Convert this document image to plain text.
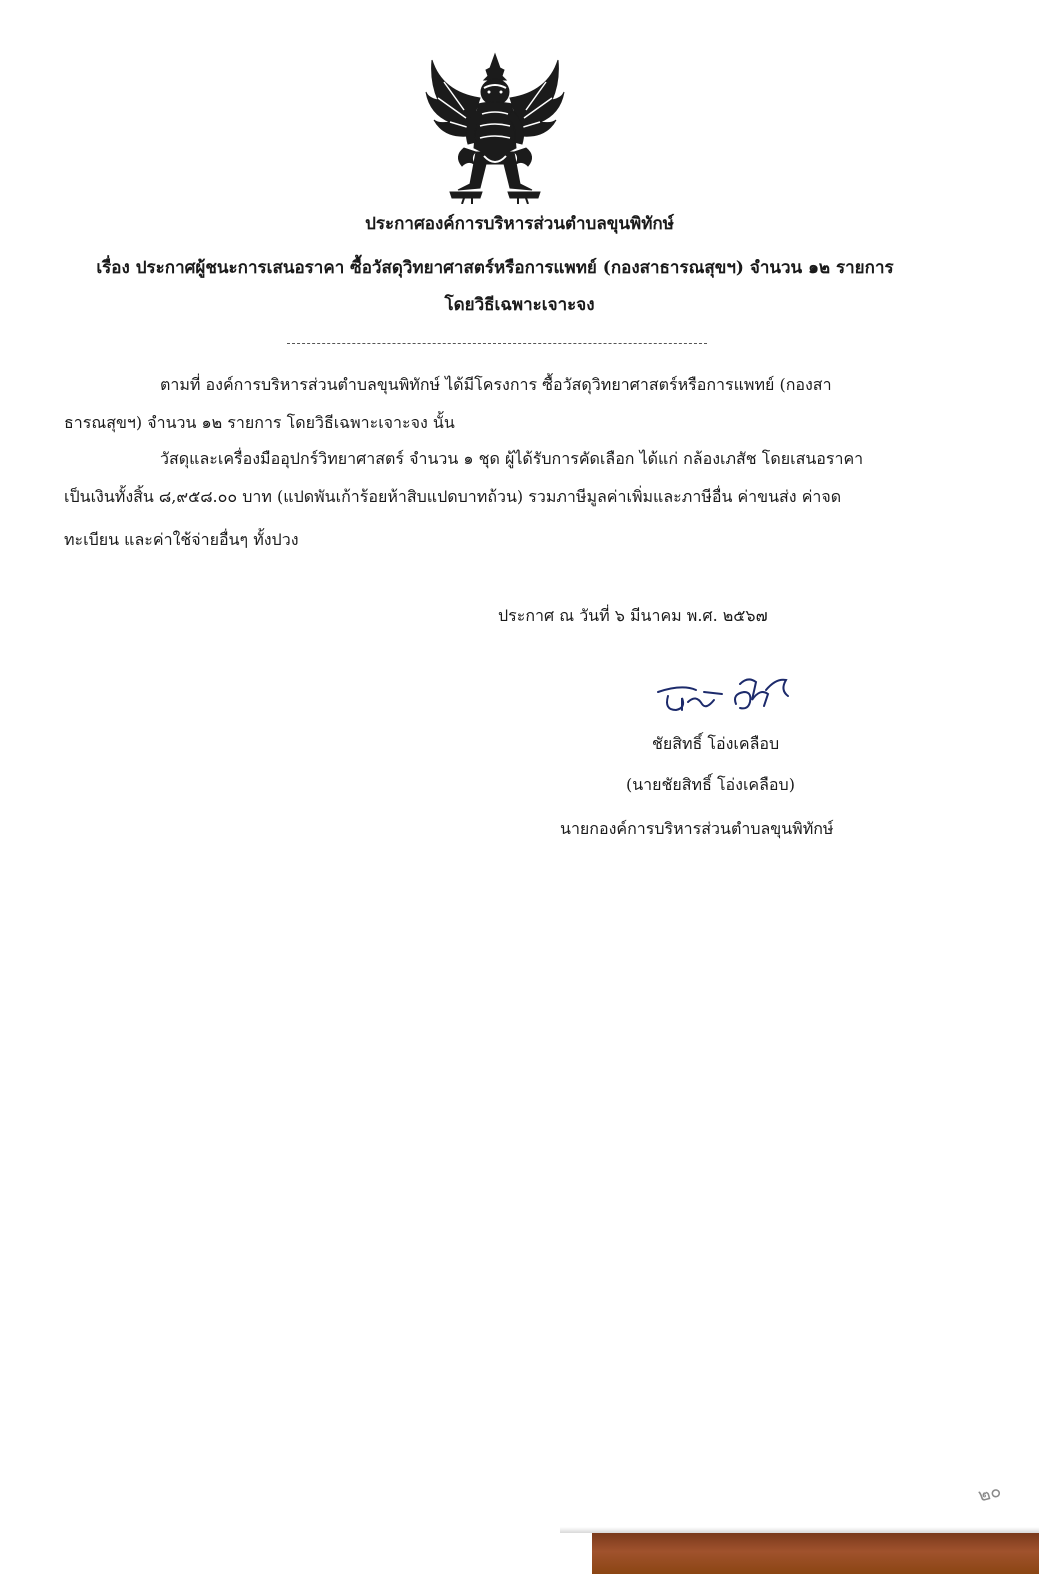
ประกาศองค์การบริหารส่วนตำบลขุนพิทักษ์
เรื่อง ประกาศผู้ชนะการเสนอราคา ซื้อวัสดุวิทยาศาสตร์หรือการแพทย์ (กองสาธารณสุขฯ) จำนวน ๑๒ รายการ
โดยวิธีเฉพาะเจาะจง
ตามที่ องค์การบริหารส่วนตำบลขุนพิทักษ์ ได้มีโครงการ ซื้อวัสดุวิทยาศาสตร์หรือการแพทย์ (กองสา
ธารณสุขฯ) จำนวน ๑๒ รายการ โดยวิธีเฉพาะเจาะจง นั้น
วัสดุและเครื่องมืออุปกร์วิทยาศาสตร์ จำนวน ๑ ชุด ผู้ได้รับการคัดเลือก ได้แก่ กล้องเภสัช โดยเสนอราคา
เป็นเงินทั้งสิ้น ๘,๙๕๘.๐๐ บาท (แปดพันเก้าร้อยห้าสิบแปดบาทถ้วน) รวมภาษีมูลค่าเพิ่มและภาษีอื่น ค่าขนส่ง ค่าจด
ทะเบียน และค่าใช้จ่ายอื่นๆ ทั้งปวง
ประกาศ ณ วันที่ ๖ มีนาคม พ.ศ. ๒๕๖๗
ชัยสิทธิ์ โอ่งเคลือบ
(นายชัยสิทธิ์ โอ่งเคลือบ)
นายกองค์การบริหารส่วนตำบลขุนพิทักษ์
๒๐
